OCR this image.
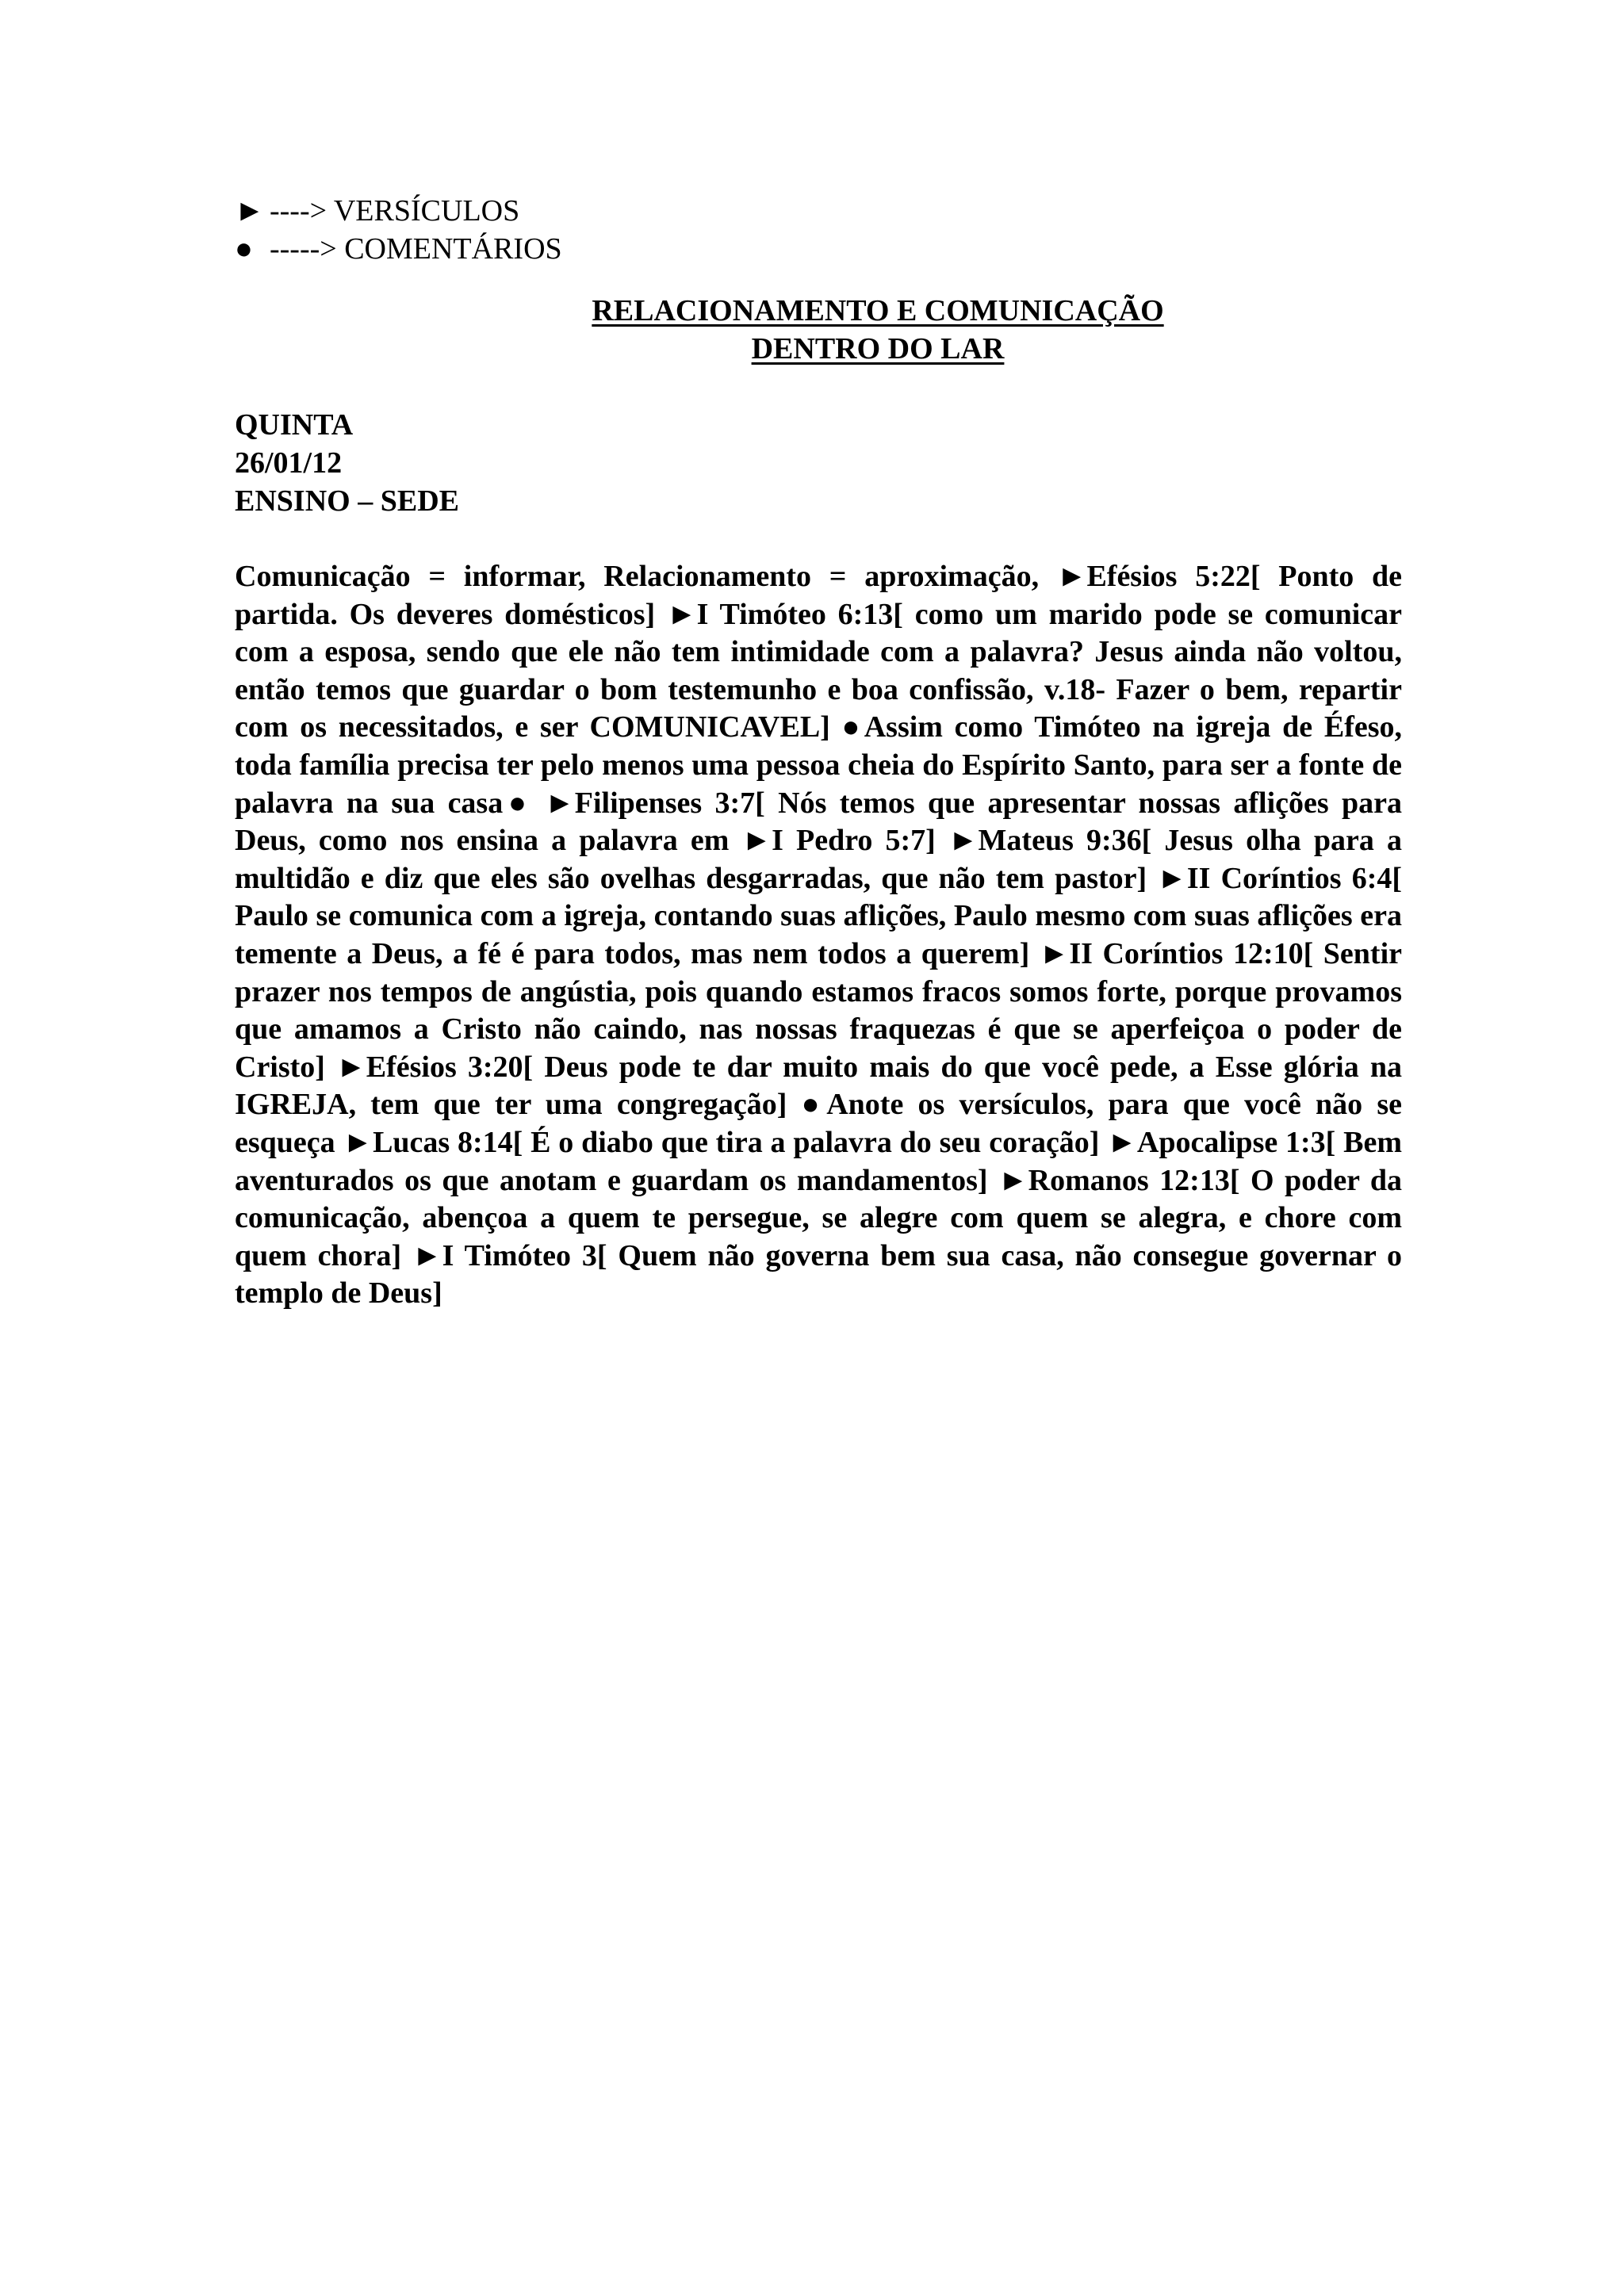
► ----> VERSÍCULOS
● -----> COMENTÁRIOS
RELACIONAMENTO E COMUNICAÇÃO
DENTRO DO LAR
QUINTA
26/01/12
ENSINO – SEDE
Comunicação = informar, Relacionamento = aproximação, ►Efésios 5:22[ Ponto de partida. Os deveres domésticos] ►I Timóteo 6:13[ como um marido pode se comunicar com a esposa, sendo que ele não tem intimidade com a palavra? Jesus ainda não voltou, então temos que guardar o bom testemunho e boa confissão, v.18- Fazer o bem, repartir com os necessitados, e ser COMUNICAVEL] ●Assim como Timóteo na igreja de Éfeso, toda família precisa ter pelo menos uma pessoa cheia do Espírito Santo, para ser a fonte de palavra na sua casa● ►Filipenses 3:7[ Nós temos que apresentar nossas aflições para Deus, como nos ensina a palavra em ►I Pedro 5:7] ►Mateus 9:36[ Jesus olha para a multidão e diz que eles são ovelhas desgarradas, que não tem pastor] ►II Coríntios 6:4[ Paulo se comunica com a igreja, contando suas aflições, Paulo mesmo com suas aflições era temente a Deus, a fé é para todos, mas nem todos a querem] ►II Coríntios 12:10[ Sentir prazer nos tempos de angústia, pois quando estamos fracos somos forte, porque provamos que amamos a Cristo não caindo, nas nossas fraquezas é que se aperfeiçoa o poder de Cristo] ►Efésios 3:20[ Deus pode te dar muito mais do que você pede, a Esse glória na IGREJA, tem que ter uma congregação] ●Anote os versículos, para que você não se esqueça ►Lucas 8:14[ É o diabo que tira a palavra do seu coração] ►Apocalipse 1:3[ Bem aventurados os que anotam e guardam os mandamentos] ►Romanos 12:13[ O poder da comunicação, abençoa a quem te persegue, se alegre com quem se alegra, e chore com quem chora] ►I Timóteo 3[ Quem não governa bem sua casa, não consegue governar o templo de Deus]
